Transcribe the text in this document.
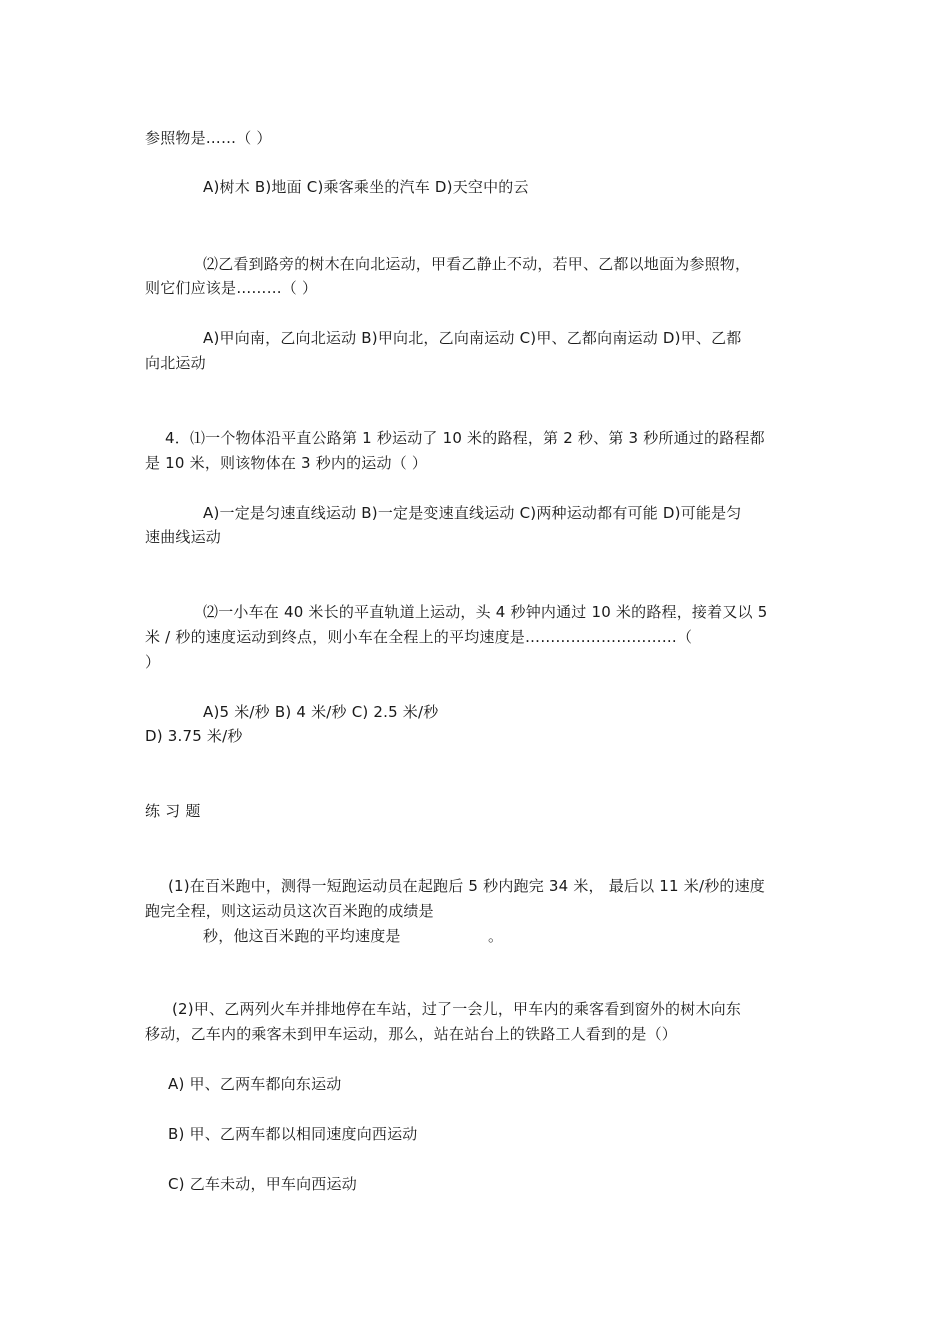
参照物是……（ ）
A)树木 B)地面 C)乘客乘坐的汽车 D)天空中的云
⑵乙看到路旁的树木在向北运动，甲看乙静止不动，若甲、乙都以地面为参照物，
则它们应该是………（ ）
A)甲向南，乙向北运动 B)甲向北，乙向南运动 C)甲、乙都向南运动 D)甲、乙都
向北运动
4．⑴一个物体沿平直公路第 1 秒运动了 10 米的路程，第 2 秒、第 3 秒所通过的路程都
是 10 米，则该物体在 3 秒内的运动（ ）
A)一定是匀速直线运动 B)一定是变速直线运动 C)两种运动都有可能 D)可能是匀
速曲线运动
⑵一小车在 40 米长的平直轨道上运动，头 4 秒钟内通过 10 米的路程，接着又以 5
米 / 秒的速度运动到终点，则小车在全程上的平均速度是…………………………（
）
A)5 米/秒 B) 4 米/秒 C) 2.5 米/秒
D) 3.75 米/秒
练 习 题
(1)在百米跑中，测得一短跑运动员在起跑后 5 秒内跑完 34 米， 最后以 11 米/秒的速度
跑完全程，则这运动员这次百米跑的成绩是
秒，他这百米跑的平均速度是	。
(2)甲、乙两列火车并排地停在车站，过了一会儿，甲车内的乘客看到窗外的树木向东
移动，乙车内的乘客未到甲车运动，那么，站在站台上的铁路工人看到的是（）
A) 甲、乙两车都向东运动
B) 甲、乙两车都以相同速度向西运动
C) 乙车未动，甲车向西运动
